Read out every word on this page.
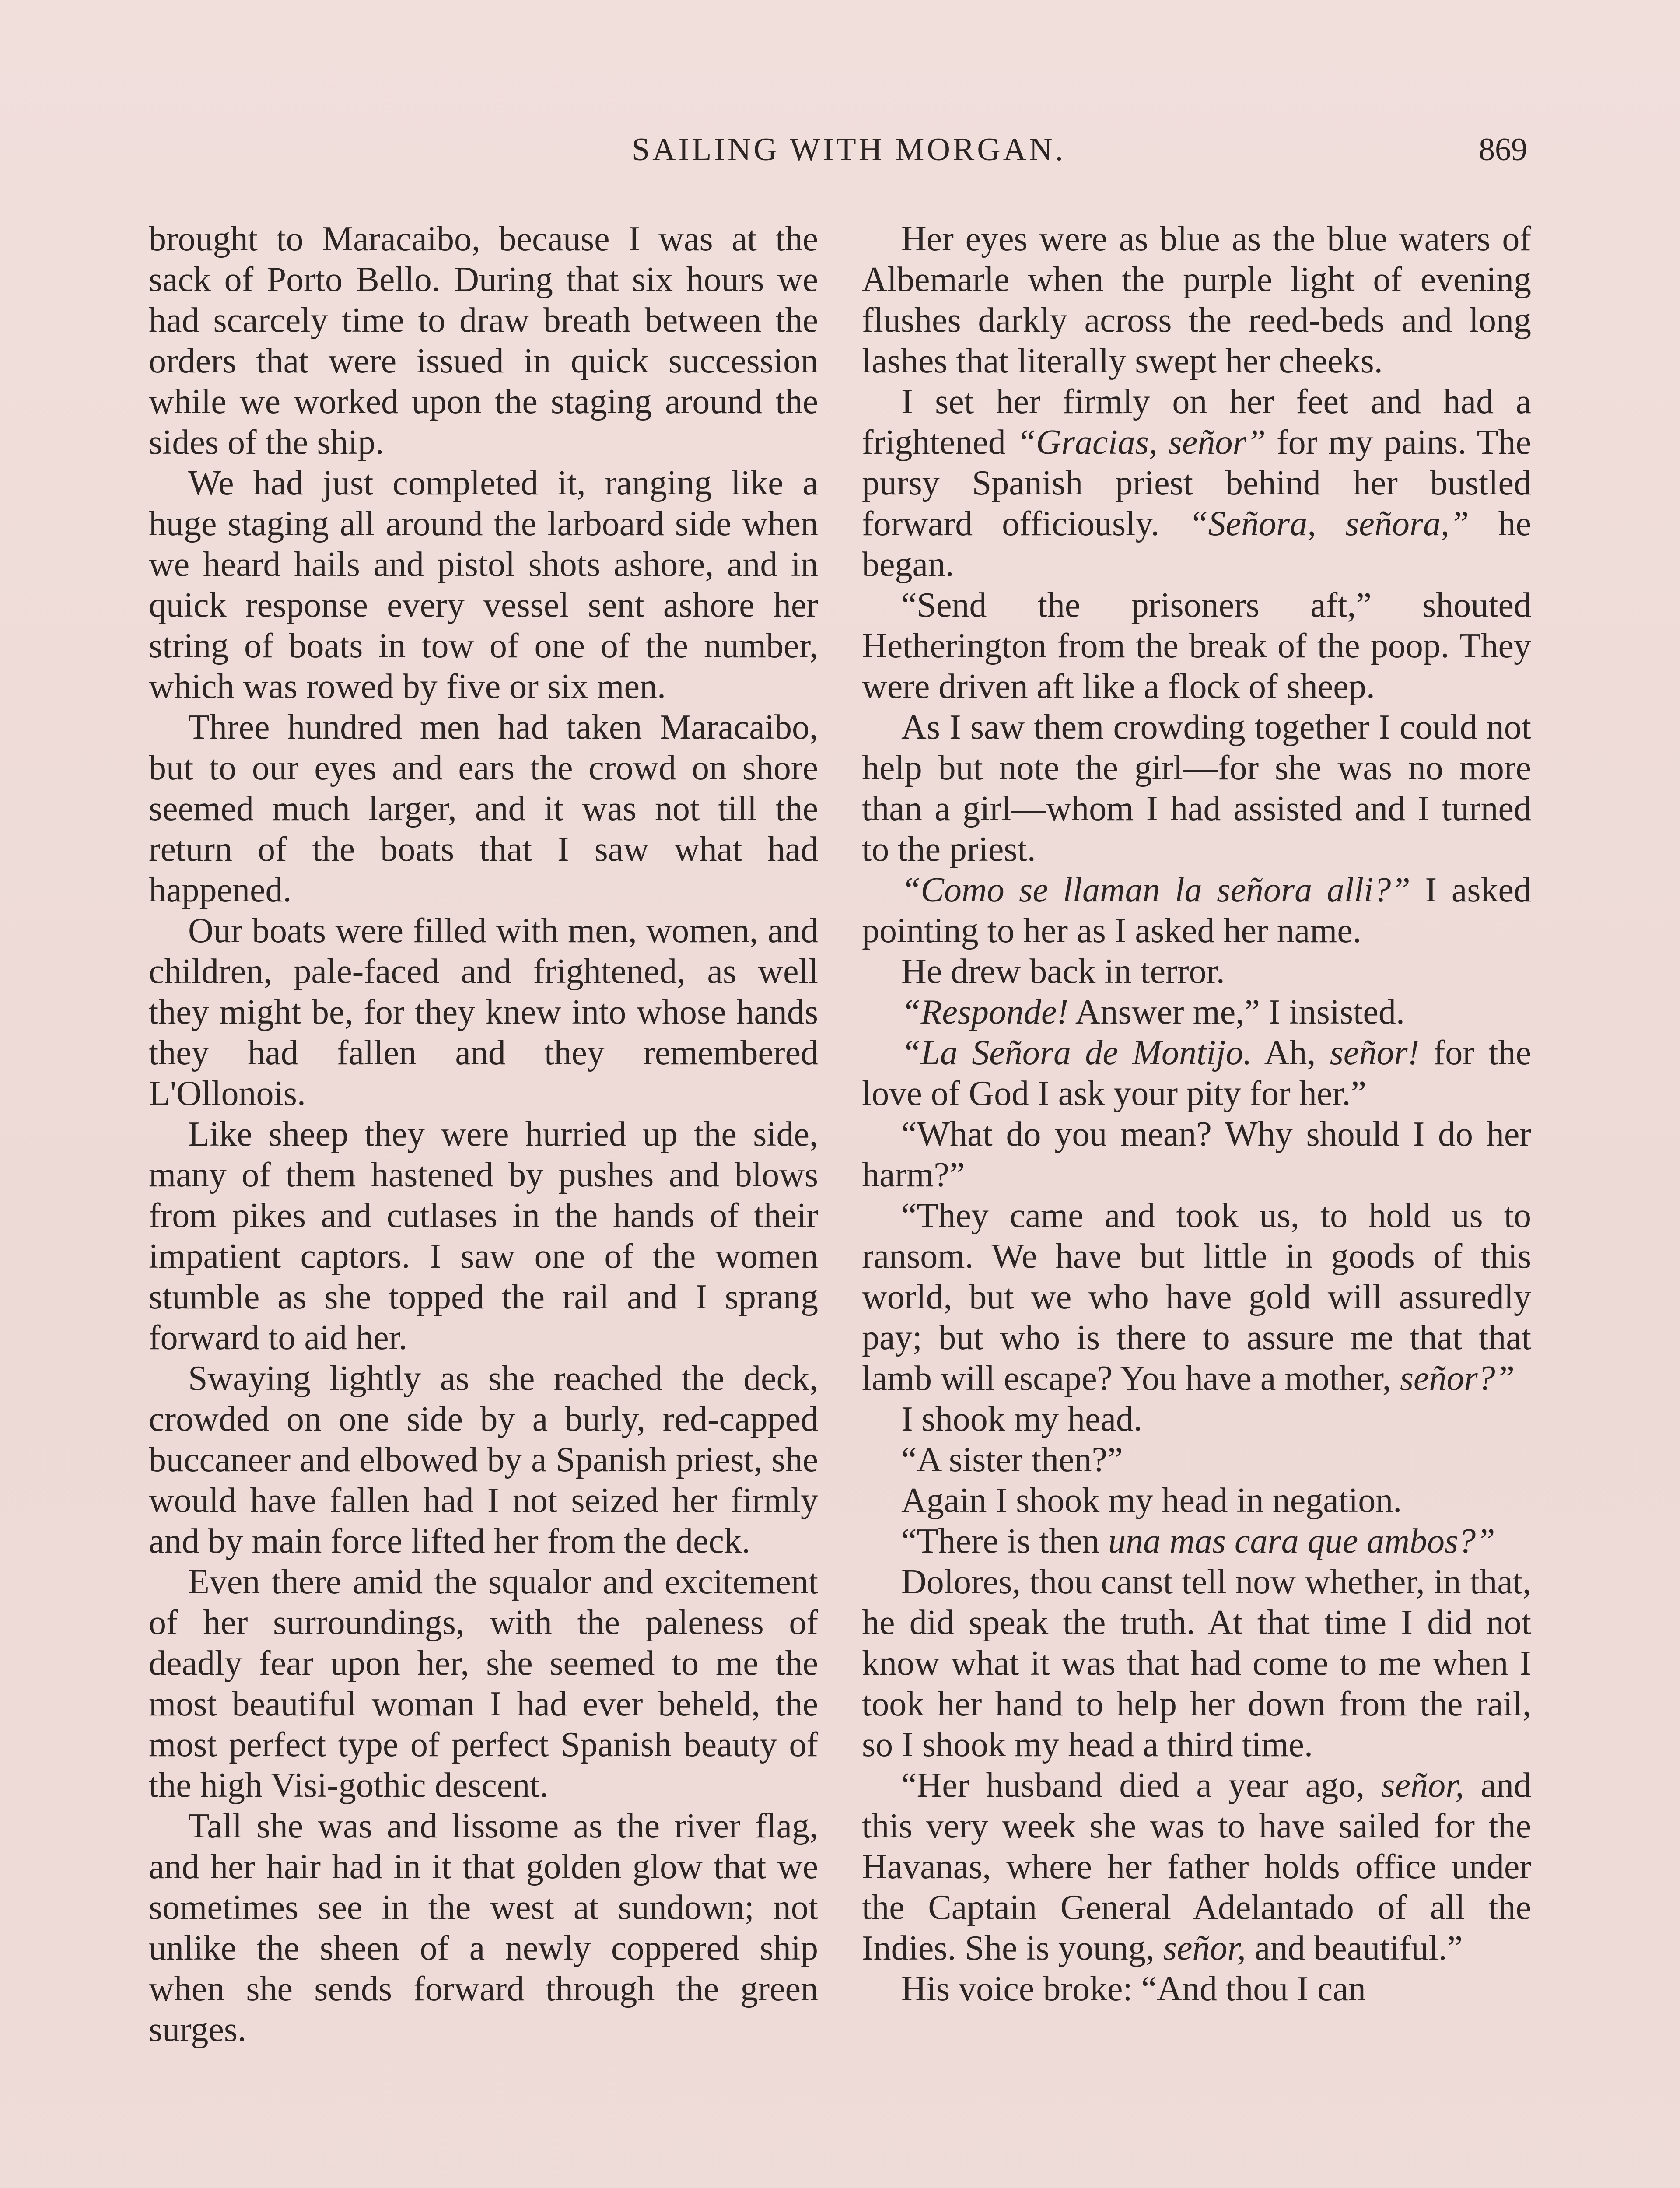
SAILING WITH MORGAN.	869

brought to Maracaibo, because I was at the sack of Porto Bello. During that six hours we had scarcely time to draw breath between the orders that were issued in quick succession while we worked upon the staging around the sides of the ship.

We had just completed it, ranging like a huge staging all around the larboard side when we heard hails and pistol shots ashore, and in quick response every vessel sent ashore her string of boats in tow of one of the number, which was rowed by five or six men.

Three hundred men had taken Maracaibo, but to our eyes and ears the crowd on shore seemed much larger, and it was not till the return of the boats that I saw what had happened.

Our boats were filled with men, women, and children, pale-faced and frightened, as well they might be, for they knew into whose hands they had fallen and they remembered L'Ollonois.

Like sheep they were hurried up the side, many of them hastened by pushes and blows from pikes and cutlases in the hands of their impatient captors. I saw one of the women stumble as she topped the rail and I sprang forward to aid her.

Swaying lightly as she reached the deck, crowded on one side by a burly, red-capped buccaneer and elbowed by a Spanish priest, she would have fallen had I not seized her firmly and by main force lifted her from the deck.

Even there amid the squalor and excitement of her surroundings, with the paleness of deadly fear upon her, she seemed to me the most beautiful woman I had ever beheld, the most perfect type of perfect Spanish beauty of the high Visi-gothic descent.

Tall she was and lissome as the river flag, and her hair had in it that golden glow that we sometimes see in the west at sundown; not unlike the sheen of a newly coppered ship when she sends forward through the green surges.

Her eyes were as blue as the blue waters of Albemarle when the purple light of evening flushes darkly across the reed-beds and long lashes that literally swept her cheeks.

I set her firmly on her feet and had a frightened “Gracias, señor” for my pains. The pursy Spanish priest behind her bustled forward officiously. “Señora, señora,” he began.

“Send the prisoners aft,” shouted Hetherington from the break of the poop. They were driven aft like a flock of sheep.

As I saw them crowding together I could not help but note the girl—for she was no more than a girl—whom I had assisted and I turned to the priest.

“Como se llaman la señora alli?” I asked pointing to her as I asked her name.

He drew back in terror.

“Responde! Answer me,” I insisted.

“La Señora de Montijo. Ah, señor! for the love of God I ask your pity for her.”

“What do you mean? Why should I do her harm?”

“They came and took us, to hold us to ransom. We have but little in goods of this world, but we who have gold will assuredly pay; but who is there to assure me that that lamb will escape? You have a mother, señor?”

I shook my head.

“A sister then?”

Again I shook my head in negation.

“There is then una mas cara que ambos?”

Dolores, thou canst tell now whether, in that, he did speak the truth. At that time I did not know what it was that had come to me when I took her hand to help her down from the rail, so I shook my head a third time.

“Her husband died a year ago, señor, and this very week she was to have sailed for the Havanas, where her father holds office under the Captain General Adelantado of all the Indies. She is young, señor, and beautiful.”

His voice broke: “And thou I can
